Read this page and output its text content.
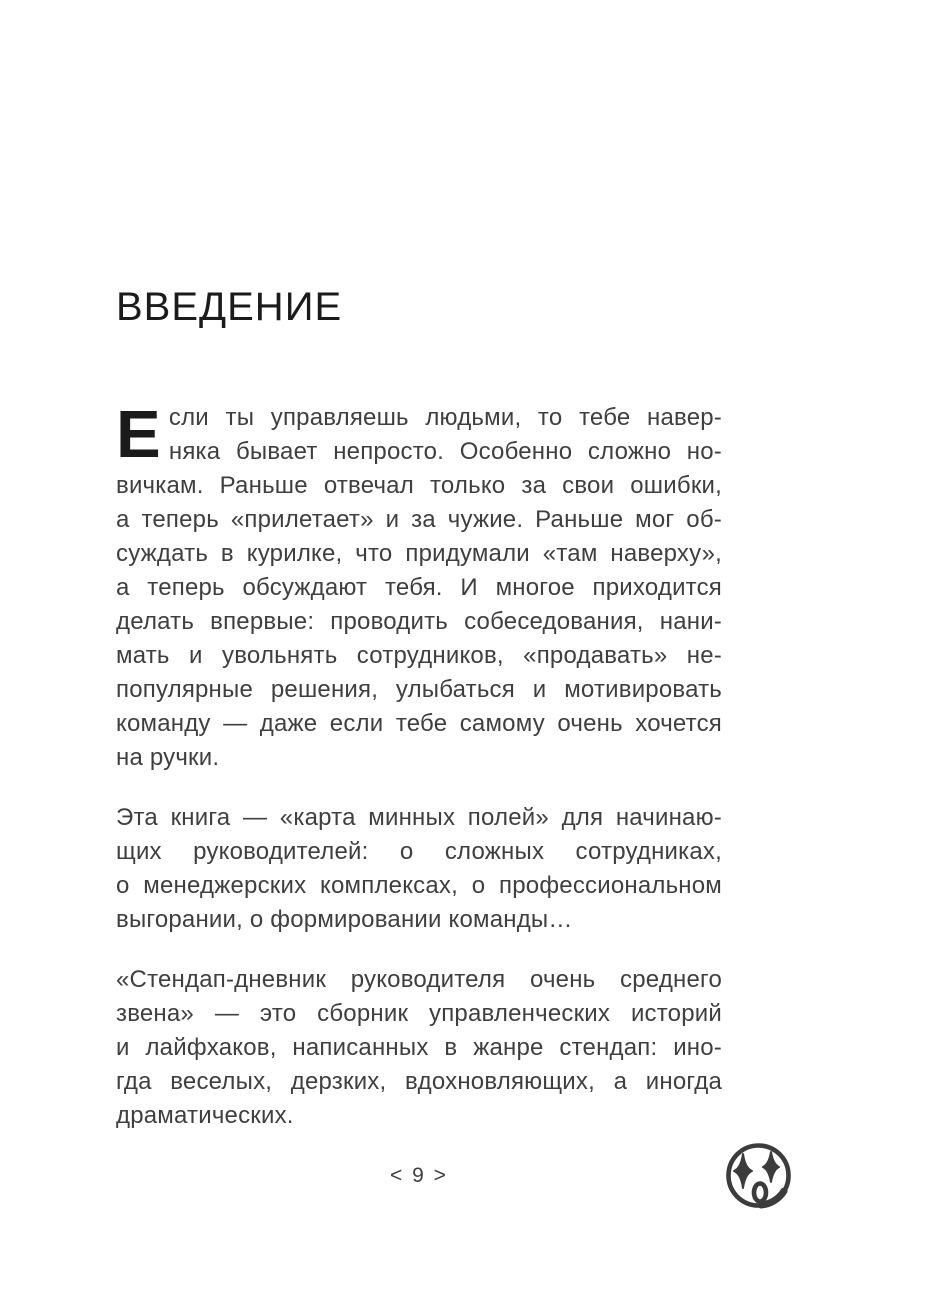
ВВЕДЕНИЕ
Е сли ты управляешь людьми, то тебе навер-
няка бывает непросто. Особенно сложно но-
вичкам. Раньше отвечал только за свои ошибки,
а теперь «прилетает» и за чужие. Раньше мог об-
суждать в курилке, что придумали «там наверху»,
а теперь обсуждают тебя. И многое приходится
делать впервые: проводить собеседования, нани-
мать и увольнять сотрудников, «продавать» не-
популярные решения, улыбаться и мотивировать
команду — даже если тебе самому очень хочется
на ручки.
Эта книга — «карта минных полей» для начинаю-
щих руководителей: о сложных сотрудниках,
о менеджерских комплексах, о профессиональном
выгорании, о формировании команды…
«Стендап-дневник руководителя очень среднего
звена» — это сборник управленческих историй
и лайфхаков, написанных в жанре стендап: ино-
гда веселых, дерзких, вдохновляющих, а иногда
драматических.
< 9 >
